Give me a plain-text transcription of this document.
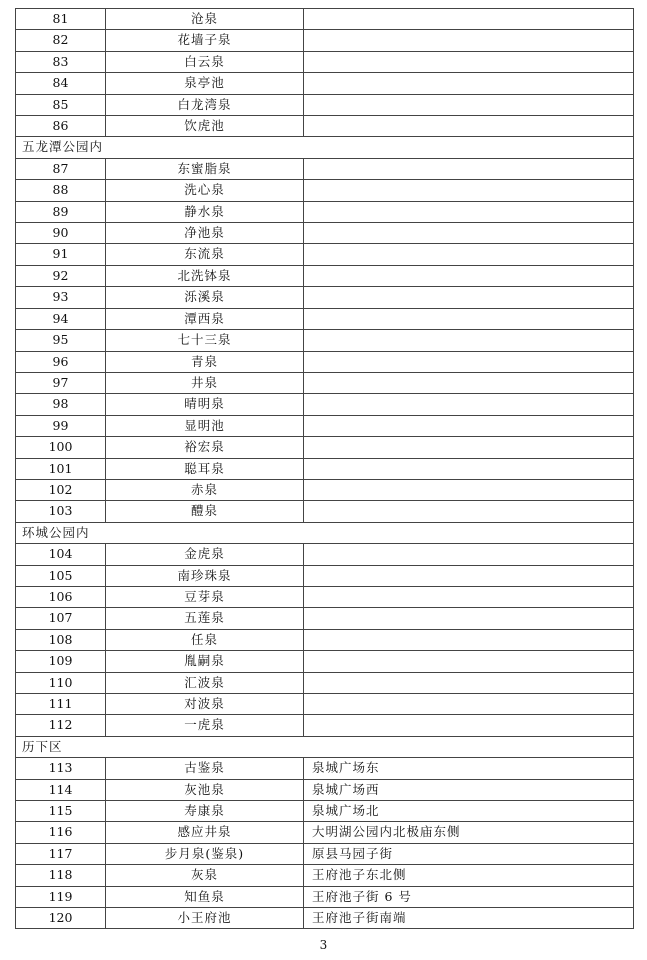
81	沧泉	
82	花墙子泉	
83	白云泉	
84	泉亭池	
85	白龙湾泉	
86	饮虎池	
五龙潭公园内		
87	东蜜脂泉	
88	洗心泉	
89	静水泉	
90	净池泉	
91	东流泉	
92	北洗钵泉	
93	泺溪泉	
94	潭西泉	
95	七十三泉	
96	青泉	
97	井泉	
98	晴明泉	
99	显明池	
100	裕宏泉	
101	聪耳泉	
102	赤泉	
103	醴泉	
环城公园内		
104	金虎泉	
105	南珍珠泉	
106	豆芽泉	
107	五莲泉	
108	任泉	
109	胤嗣泉	
110	汇波泉	
111	对波泉	
112	一虎泉	
历下区		
113	古鉴泉	泉城广场东
114	灰池泉	泉城广场西
115	寿康泉	泉城广场北
116	感应井泉	大明湖公园内北极庙东侧
117	步月泉(鉴泉)	原县马园子街
118	灰泉	王府池子东北侧
119	知鱼泉	王府池子街 6 号
120	小王府池	王府池子街南端
3
